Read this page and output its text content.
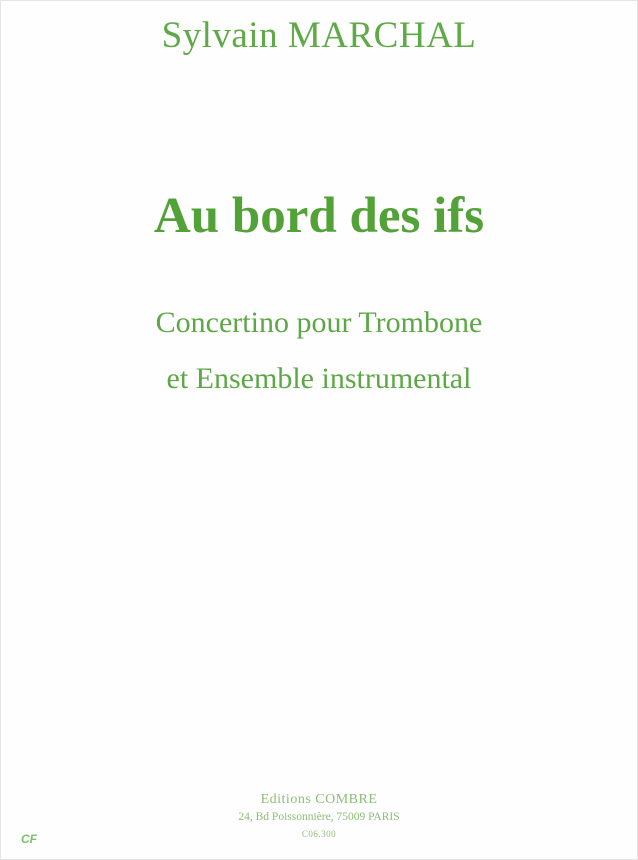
Sylvain MARCHAL
Au bord des ifs
Concertino pour Trombone
et Ensemble instrumental
Editions COMBRE
24, Bd Poissonnière, 75009 PARIS
C06.300
CF
